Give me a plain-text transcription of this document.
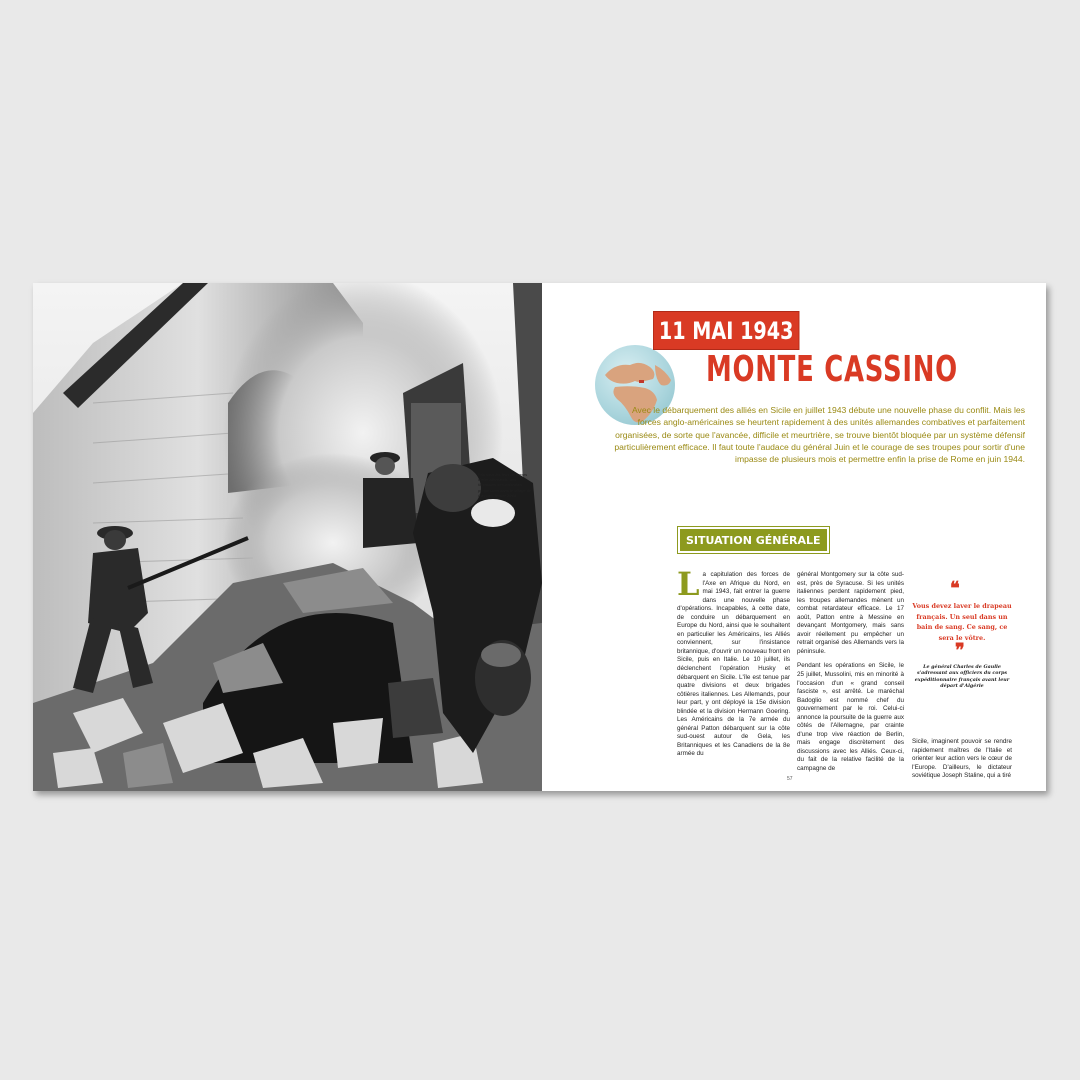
Pris sous les feux de tireurs d'élite allemands, des fantassins néo-zélandais progressent dans le village de Cassino, février 1944.
11 MAI 1943
MONTE CASSINO
Avec le débarquement des alliés en Sicile en juillet 1943 débute une nouvelle phase du conflit. Mais les forces anglo-américaines se heurtent rapidement à des unités allemandes combatives et parfaitement organisées, de sorte que l'avancée, difficile et meurtrière, se trouve bientôt bloquée par un système défensif particulièrement efficace. Il faut toute l'audace du général Juin et le courage de ses troupes pour sortir d'une impasse de plusieurs mois et permettre enfin la prise de Rome en juin 1944.
SITUATION GÉNÉRALE
La capitulation des forces de l'Axe en Afrique du Nord, en mai 1943, fait entrer la guerre dans une nouvelle phase d'opérations. Incapables, à cette date, de conduire un débarquement en Europe du Nord, ainsi que le souhaitent en particulier les Américains, les Alliés conviennent, sur l'insistance britannique, d'ouvrir un nouveau front en Sicile, puis en Italie. Le 10 juillet, ils déclenchent l'opération Husky et débarquent en Sicile. L'île est tenue par quatre divisions et deux brigades côtières italiennes. Les Allemands, pour leur part, y ont déployé la 15e division blindée et la division Hermann Goering. Les Américains de la 7e armée du général Patton débarquent sur la côte sud-ouest autour de Gela, les Britanniques et les Canadiens de la 8e armée du

général Montgomery sur la côte sud-est, près de Syracuse. Si les unités italiennes perdent rapidement pied, les troupes allemandes mènent un combat retardateur efficace. Le 17 août, Patton entre à Messine en devançant Montgomery, mais sans avoir réellement pu empêcher un retrait organisé des Allemands vers la péninsule.

Pendant les opérations en Sicile, le 25 juillet, Mussolini, mis en minorité à l'occasion d'un « grand conseil fasciste », est arrêté. Le maréchal Badoglio est nommé chef du gouvernement par le roi. Celui-ci annonce la poursuite de la guerre aux côtés de l'Allemagne, par crainte d'une trop vive réaction de Berlin, mais engage discrètement des discussions avec les Alliés. Ceux-ci, du fait de la relative facilité de la campagne de

❝
Vous devez laver le drapeau français. Un seul dans un bain de sang. Ce sang, ce sera le vôtre.
❞
Le général Charles de Gaulle s'adressant aux officiers du corps expéditionnaire français avant leur départ d'Algérie
Sicile, imaginent pouvoir se rendre rapidement maîtres de l'Italie et orienter leur action vers le cœur de l'Europe. D'ailleurs, le dictateur soviétique Joseph Staline, qui a tiré
57
